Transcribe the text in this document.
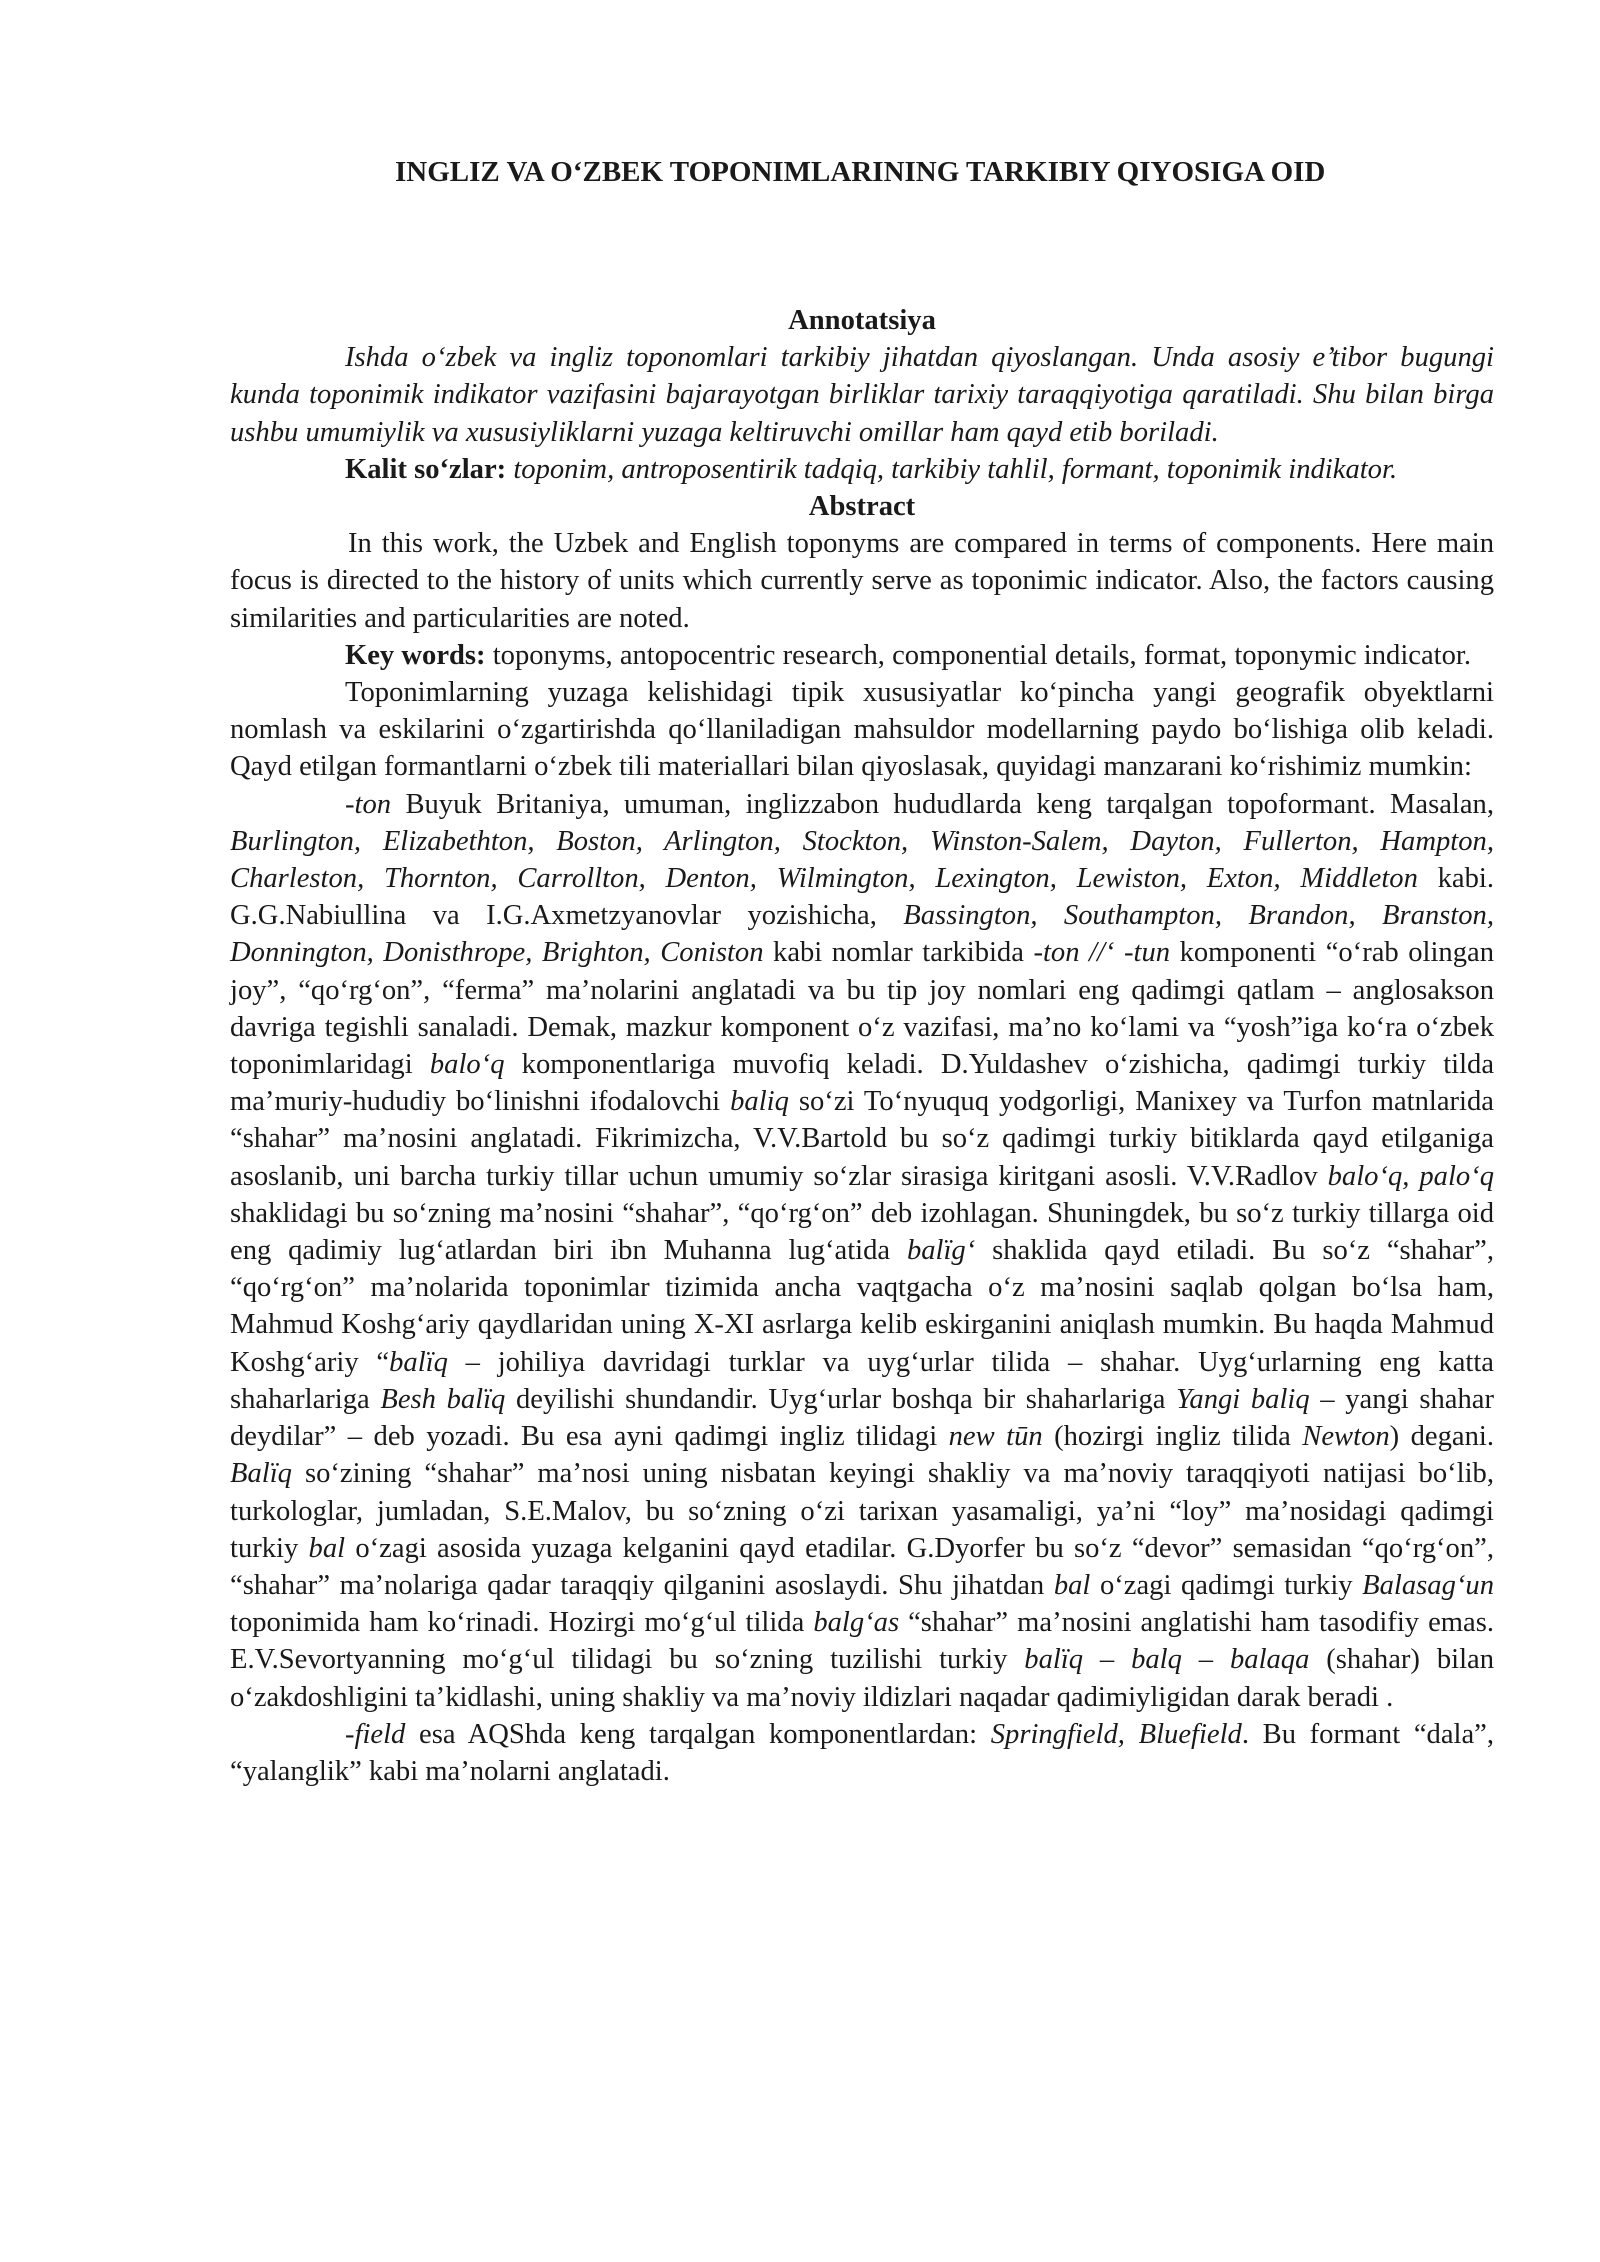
INGLIZ VA O‘ZBEK TOPONIMLARINING TARKIBIY QIYOSIGA OID

Annotatsiya

Ishda o‘zbek va ingliz toponomlari tarkibiy jihatdan qiyoslangan. Unda asosiy e’tibor bugungi kunda toponimik indikator vazifasini bajarayotgan birliklar tarixiy taraqqiyotiga qaratiladi. Shu bilan birga ushbu umumiylik va xususiyliklarni yuzaga keltiruvchi omillar ham qayd etib boriladi.

Kalit so‘zlar: toponim, antroposentirik tadqiq, tarkibiy tahlil, formant, toponimik indikator.

Abstract

In this work, the Uzbek and English toponyms are compared in terms of components. Here main focus is directed to the history of units which currently serve as toponimic indicator. Also, the factors causing similarities and particularities are noted.

Key words: toponyms, antopocentric research, componential details, format, toponymic indicator.

Toponimlarning yuzaga kelishidagi tipik xususiyatlar ko‘pincha yangi geografik obyektlarni nomlash va eskilarini o‘zgartirishda qo‘llaniladigan mahsuldor modellarning paydo bo‘lishiga olib keladi. Qayd etilgan formantlarni o‘zbek tili materiallari bilan qiyoslasak, quyidagi manzarani ko‘rishimiz mumkin:

-ton Buyuk Britaniya, umuman, inglizzabon hududlarda keng tarqalgan topoformant. Masalan, Burlington, Elizabethton, Boston, Arlington, Stockton, Winston-Salem, Dayton, Fullerton, Hampton, Charleston, Thornton, Carrollton, Denton, Wilmington, Lexington, Lewiston, Exton, Middleton kabi. G.G.Nabiullina va I.G.Axmetzyanovlar yozishicha, Bassington, Southampton, Brandon, Branston, Donnington, Donisthrope, Brighton, Coniston kabi nomlar tarkibida -ton //‘ -tun komponenti “o‘rab olingan joy”, “qo‘rg‘on”, “ferma” ma’nolarini anglatadi va bu tip joy nomlari eng qadimgi qatlam – anglosakson davriga tegishli sanaladi. Demak, mazkur komponent o‘z vazifasi, ma’no ko‘lami va “yosh”iga ko‘ra o‘zbek toponimlaridagi balo‘q komponentlariga muvofiq keladi. D.Yuldashev o‘zishicha, qadimgi turkiy tilda ma’muriy-hududiy bo‘linishni ifodalovchi baliq so‘zi To‘nyuquq yodgorligi, Manixey va Turfon matnlarida “shahar” ma’nosini anglatadi. Fikrimizcha, V.V.Bartold bu so‘z qadimgi turkiy bitiklarda qayd etilganiga asoslanib, uni barcha turkiy tillar uchun umumiy so‘zlar sirasiga kiritgani asosli. V.V.Radlov balo‘q, palo‘q shaklidagi bu so‘zning ma’nosini “shahar”, “qo‘rg‘on” deb izohlagan. Shuningdek, bu so‘z turkiy tillarga oid eng qadimiy lug‘atlardan biri ibn Muhanna lug‘atida balïg‘ shaklida qayd etiladi. Bu so‘z “shahar”, “qo‘rg‘on” ma’nolarida toponimlar tizimida ancha vaqtgacha o‘z ma’nosini saqlab qolgan bo‘lsa ham, Mahmud Koshg‘ariy qaydlaridan uning X-XI asrlarga kelib eskirganini aniqlash mumkin. Bu haqda Mahmud Koshg‘ariy “balïq – johiliya davridagi turklar va uyg‘urlar tilida – shahar. Uyg‘urlarning eng katta shaharlariga Besh balïq deyilishi shundandir. Uyg‘urlar boshqa bir shaharlariga Yangi baliq – yangi shahar deydilar” – deb yozadi. Bu esa ayni qadimgi ingliz tilidagi new tūn (hozirgi ingliz tilida Newton) degani. Balïq so‘zining “shahar” ma’nosi uning nisbatan keyingi shakliy va ma’noviy taraqqiyoti natijasi bo‘lib, turkologlar, jumladan, S.E.Malov, bu so‘zning o‘zi tarixan yasamaligi, ya’ni “loy” ma’nosidagi qadimgi turkiy bal o‘zagi asosida yuzaga kelganini qayd etadilar. G.Dyorfer bu so‘z “devor” semasidan “qo‘rg‘on”, “shahar” ma’nolariga qadar taraqqiy qilganini asoslaydi. Shu jihatdan bal o‘zagi qadimgi turkiy Balasag‘un toponimida ham ko‘rinadi. Hozirgi mo‘g‘ul tilida balg‘as “shahar” ma’nosini anglatishi ham tasodifiy emas. E.V.Sevortyanning mo‘g‘ul tilidagi bu so‘zning tuzilishi turkiy balïq – balq – balaqa (shahar) bilan o‘zakdoshligini ta’kidlashi, uning shakliy va ma’noviy ildizlari naqadar qadimiyligidan darak beradi .

-field esa AQShda keng tarqalgan komponentlardan: Springfield, Bluefield. Bu formant “dala”, “yalanglik” kabi ma’nolarni anglatadi.
